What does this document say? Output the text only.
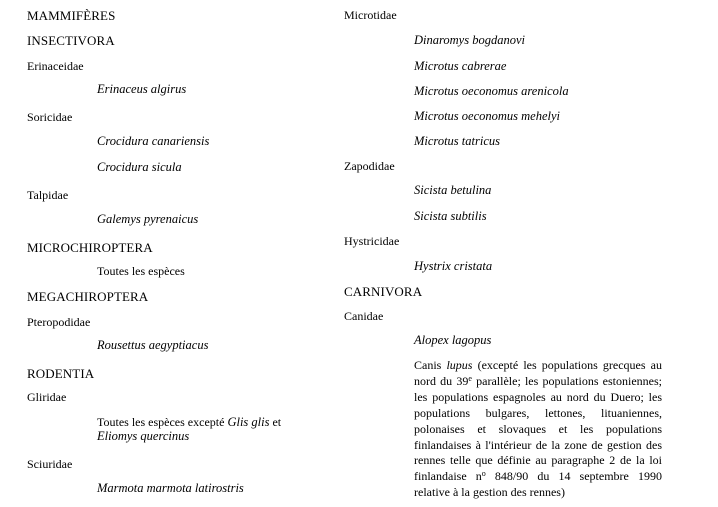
MAMMIFÈRES
INSECTIVORA
Erinaceidae
Erinaceus algirus
Soricidae
Crocidura canariensis
Crocidura sicula
Talpidae
Galemys pyrenaicus
MICROCHIROPTERA
Toutes les espèces
MEGACHIROPTERA
Pteropodidae
Rousettus aegyptiacus
RODENTIA
Gliridae
Toutes les espèces excepté Glis glis et
Eliomys quercinus
Sciuridae
Marmota marmota latirostris
Microtidae
Dinaromys bogdanovi
Microtus cabrerae
Microtus oeconomus arenicola
Microtus oeconomus mehelyi
Microtus tatricus
Zapodidae
Sicista betulina
Sicista subtilis
Hystricidae
Hystrix cristata
CARNIVORA
Canidae
Alopex lagopus
Canis lupus (excepté les populations grecques au nord du 39e parallèle; les populations estoniennes; les populations espagnoles au nord du Duero; les populations bulgares, lettones, lituaniennes, polonaises et slovaques et les populations finlandaises à l'intérieur de la zone de gestion des rennes telle que définie au paragraphe 2 de la loi finlandaise $n^o$ 848/90 du 14 septembre 1990 relative à la gestion des rennes)
